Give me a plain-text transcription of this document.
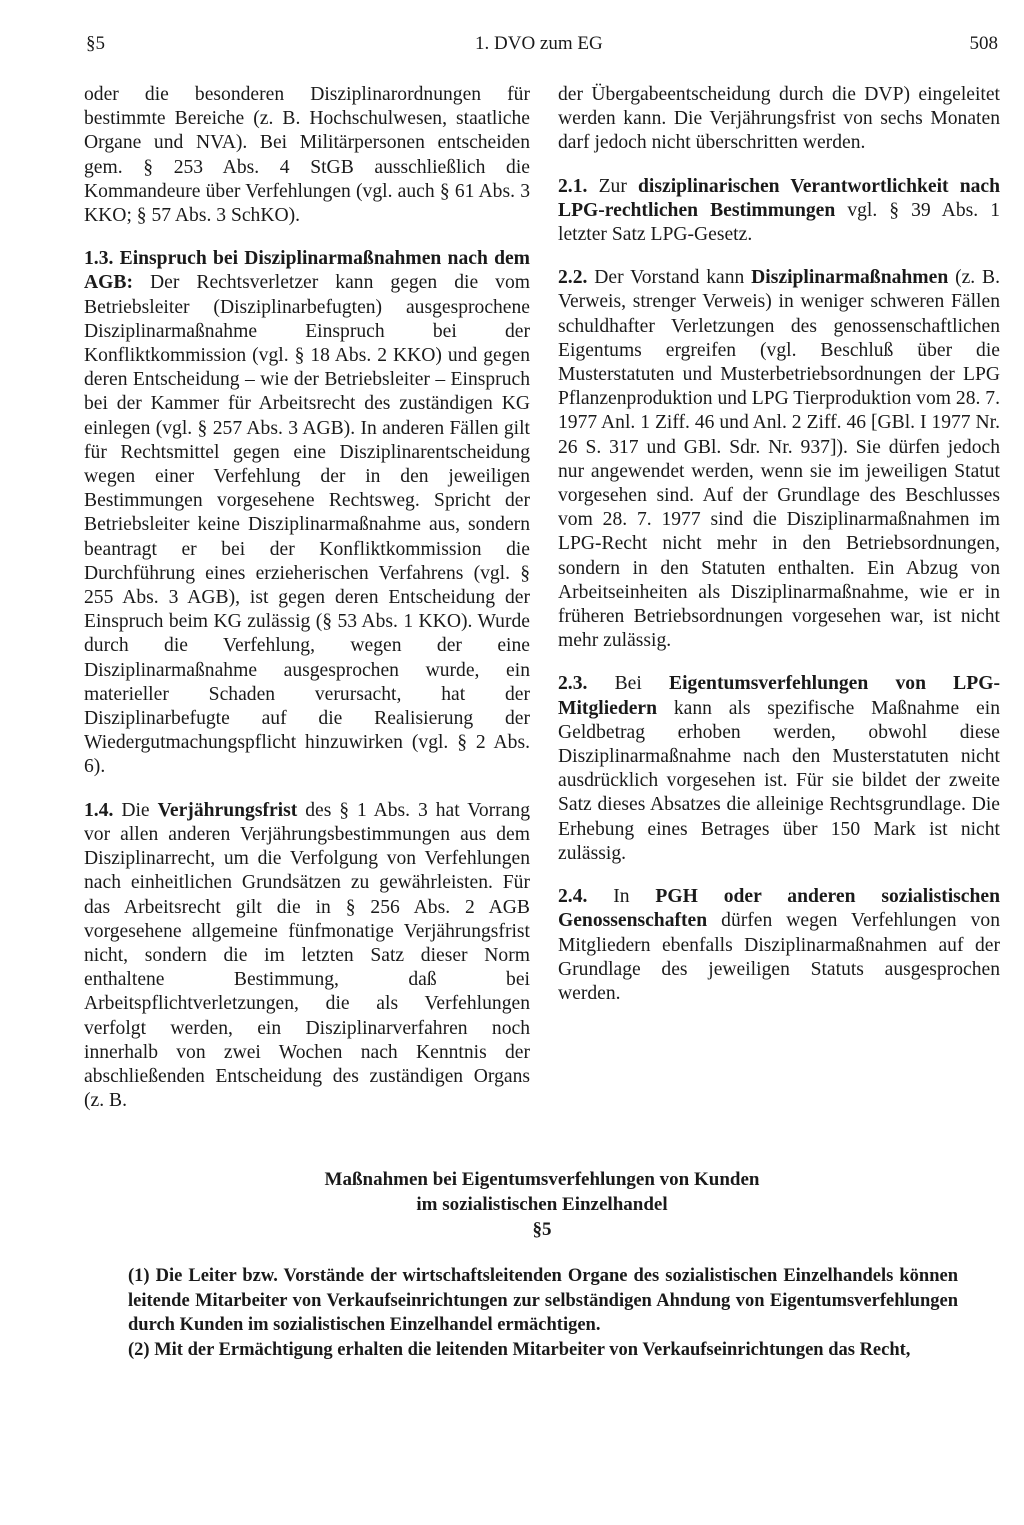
§5	1. DVO zum EG	508

oder die besonderen Disziplinarordnungen für bestimmte Bereiche (z. B. Hochschulwesen, staatliche Organe und NVA). Bei Militärpersonen entscheiden gem. § 253 Abs. 4 StGB ausschließlich die Kommandeure über Verfehlungen (vgl. auch § 61 Abs. 3 KKO; § 57 Abs. 3 SchKO).

1.3. Einspruch bei Disziplinarmaßnahmen nach dem AGB: Der Rechtsverletzer kann gegen die vom Betriebsleiter (Disziplinarbefugten) ausgesprochene Disziplinarmaßnahme Einspruch bei der Konfliktkommission (vgl. § 18 Abs. 2 KKO) und gegen deren Entscheidung – wie der Betriebsleiter – Einspruch bei der Kammer für Arbeitsrecht des zuständigen KG einlegen (vgl. § 257 Abs. 3 AGB). In anderen Fällen gilt für Rechtsmittel gegen eine Disziplinarentscheidung wegen einer Verfehlung der in den jeweiligen Bestimmungen vorgesehene Rechtsweg. Spricht der Betriebsleiter keine Disziplinarmaßnahme aus, sondern beantragt er bei der Konfliktkommission die Durchführung eines erzieherischen Verfahrens (vgl. § 255 Abs. 3 AGB), ist gegen deren Entscheidung der Einspruch beim KG zulässig (§ 53 Abs. 1 KKO). Wurde durch die Verfehlung, wegen der eine Disziplinarmaßnahme ausgesprochen wurde, ein materieller Schaden verursacht, hat der Disziplinarbefugte auf die Realisierung der Wiedergutmachungspflicht hinzuwirken (vgl. § 2 Abs. 6).

1.4. Die Verjährungsfrist des § 1 Abs. 3 hat Vorrang vor allen anderen Verjährungsbestimmungen aus dem Disziplinarrecht, um die Verfolgung von Verfehlungen nach einheitlichen Grundsätzen zu gewährleisten. Für das Arbeitsrecht gilt die in § 256 Abs. 2 AGB vorgesehene allgemeine fünfmonatige Verjährungsfrist nicht, sondern die im letzten Satz dieser Norm enthaltene Bestimmung, daß bei Arbeitspflichtverletzungen, die als Verfehlungen verfolgt werden, ein Disziplinarverfahren noch innerhalb von zwei Wochen nach Kenntnis der abschließenden Entscheidung des zuständigen Organs (z. B.

der Übergabeentscheidung durch die DVP) eingeleitet werden kann. Die Verjährungsfrist von sechs Monaten darf jedoch nicht überschritten werden.

2.1. Zur disziplinarischen Verantwortlichkeit nach LPG-rechtlichen Bestimmungen vgl. § 39 Abs. 1 letzter Satz LPG-Gesetz.

2.2. Der Vorstand kann Disziplinarmaßnahmen (z. B. Verweis, strenger Verweis) in weniger schweren Fällen schuldhafter Verletzungen des genossenschaftlichen Eigentums ergreifen (vgl. Beschluß über die Musterstatuten und Musterbetriebsordnungen der LPG Pflanzenproduktion und LPG Tierproduktion vom 28. 7. 1977 Anl. 1 Ziff. 46 und Anl. 2 Ziff. 46 [GBl. I 1977 Nr. 26 S. 317 und GBl. Sdr. Nr. 937]). Sie dürfen jedoch nur angewendet werden, wenn sie im jeweiligen Statut vorgesehen sind. Auf der Grundlage des Beschlusses vom 28. 7. 1977 sind die Disziplinarmaßnahmen im LPG-Recht nicht mehr in den Betriebsordnungen, sondern in den Statuten enthalten. Ein Abzug von Arbeitseinheiten als Disziplinarmaßnahme, wie er in früheren Betriebsordnungen vorgesehen war, ist nicht mehr zulässig.

2.3. Bei Eigentumsverfehlungen von LPG-Mitgliedern kann als spezifische Maßnahme ein Geldbetrag erhoben werden, obwohl diese Disziplinarmaßnahme nach den Musterstatuten nicht ausdrücklich vorgesehen ist. Für sie bildet der zweite Satz dieses Absatzes die alleinige Rechtsgrundlage. Die Erhebung eines Betrages über 150 Mark ist nicht zulässig.

2.4. In PGH oder anderen sozialistischen Genossenschaften dürfen wegen Verfehlungen von Mitgliedern ebenfalls Disziplinarmaßnahmen auf der Grundlage des jeweiligen Statuts ausgesprochen werden.

Maßnahmen bei Eigentumsverfehlungen von Kunden
im sozialistischen Einzelhandel
§5

(1) Die Leiter bzw. Vorstände der wirtschaftsleitenden Organe des sozialistischen Einzelhandels können leitende Mitarbeiter von Verkaufseinrichtungen zur selbständigen Ahndung von Eigentumsverfehlungen durch Kunden im sozialistischen Einzelhandel ermächtigen.

(2) Mit der Ermächtigung erhalten die leitenden Mitarbeiter von Verkaufseinrichtungen das Recht,
